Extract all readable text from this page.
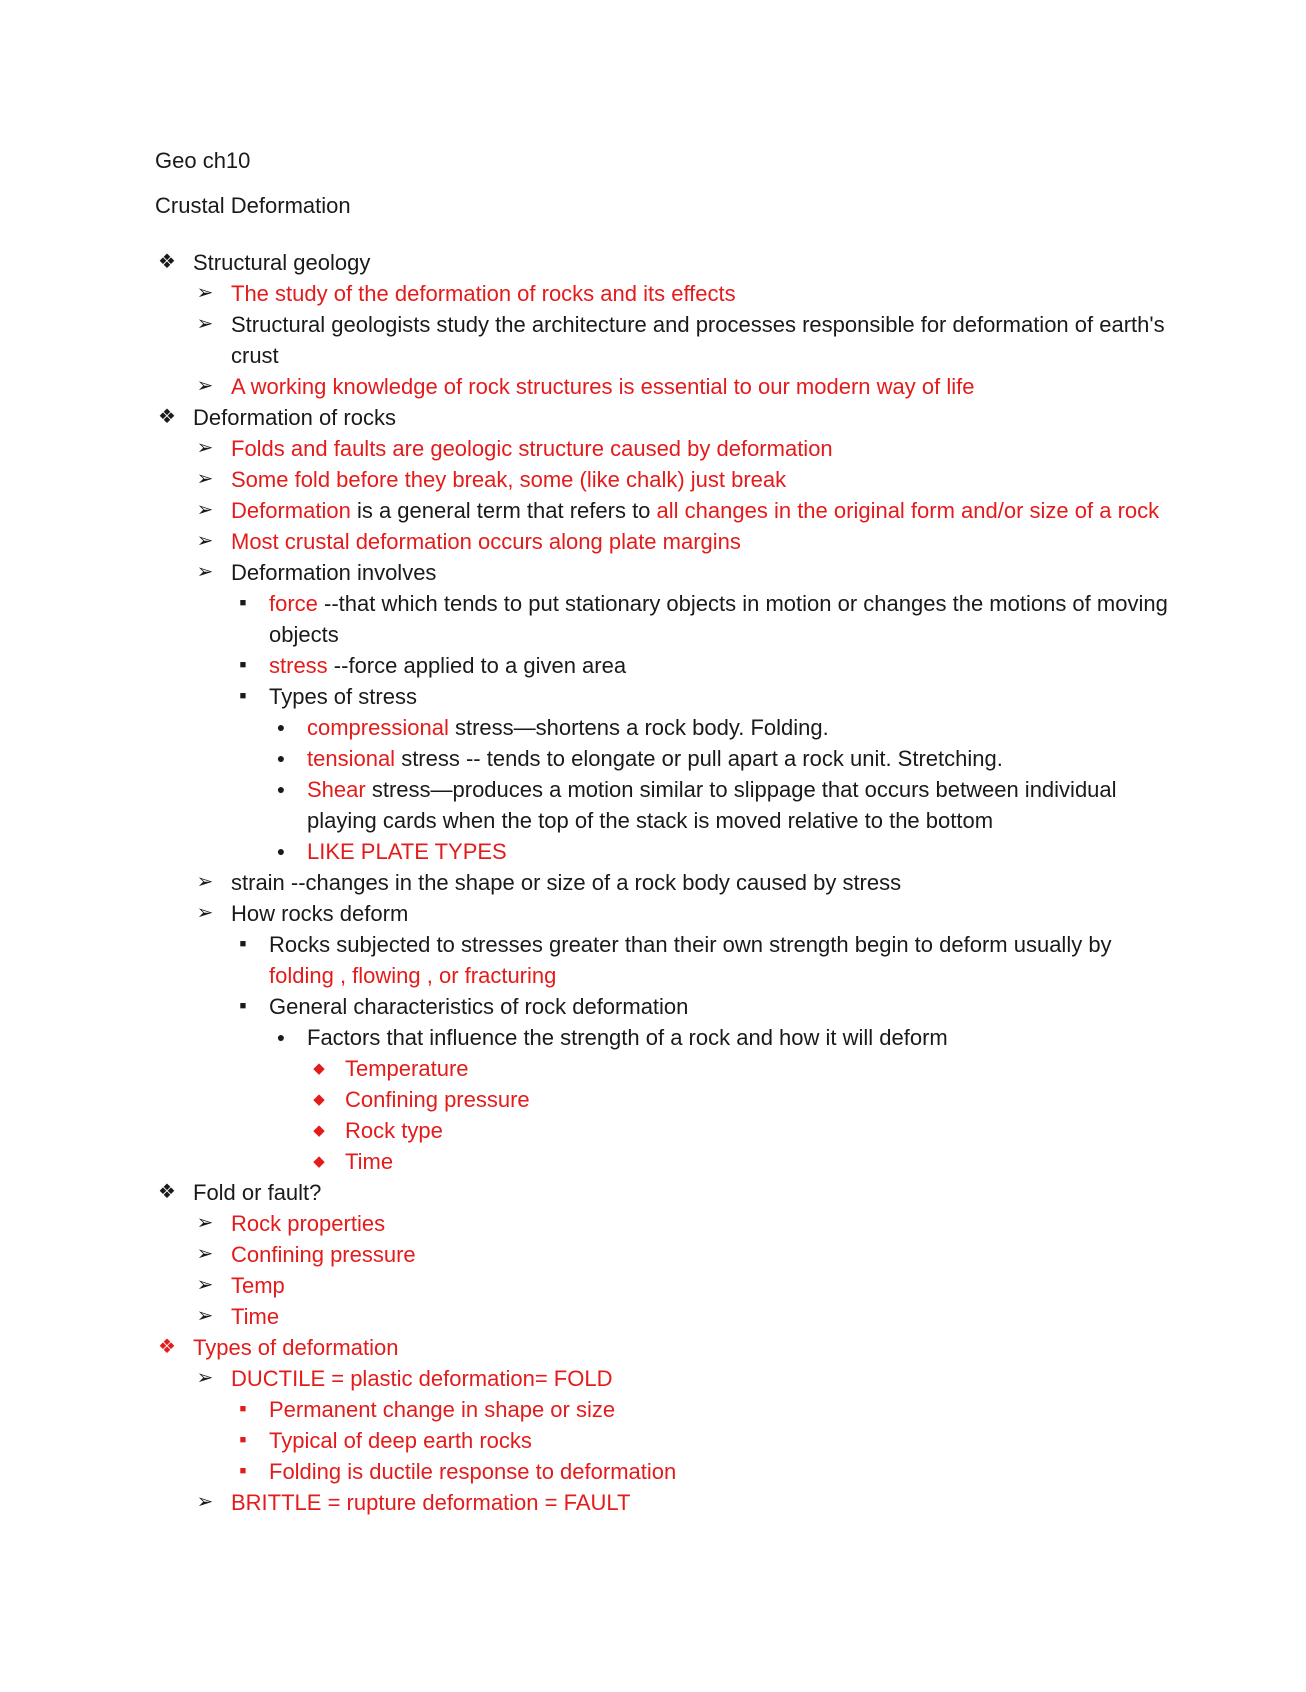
Geo ch10
Crustal Deformation
❖ Structural geology
➢ The study of the deformation of rocks and its effects
➢ Structural geologists study the architecture and processes responsible for deformation of earth's crust
➢ A working knowledge of rock structures is essential to our modern way of life
❖ Deformation of rocks
➢ Folds and faults are geologic structure caused by deformation
➢ Some fold before they break, some (like chalk) just break
➢ Deformation is a general term that refers to all changes in the original form and/or size of a rock
➢ Most crustal deformation occurs along plate margins
➢ Deformation involves
■	force --that which tends to put stationary objects in motion or changes the motions of moving objects
■	stress --force applied to a given area
■	Types of stress
● compressional stress—shortens a rock body. Folding.
● tensional stress -- tends to elongate or pull apart a rock unit. Stretching.
● Shear stress—produces a motion similar to slippage that occurs between individual playing cards when the top of the stack is moved relative to the bottom
● LIKE PLATE TYPES
➢ strain --changes in the shape or size of a rock body caused by stress
➢ How rocks deform
■	Rocks subjected to stresses greater than their own strength begin to deform usually by folding , flowing , or fracturing
■	General characteristics of rock deformation
● Factors that influence the strength of a rock and how it will deform
◆ Temperature
◆ Confining pressure
◆ Rock type
◆ Time
❖ Fold or fault?
➢ Rock properties
➢ Confining pressure
➢ Temp
➢ Time
❖ Types of deformation
➢ DUCTILE = plastic deformation= FOLD
■	Permanent change in shape or size
■	Typical of deep earth rocks
■	Folding is ductile response to deformation
➢ BRITTLE = rupture deformation = FAULT
